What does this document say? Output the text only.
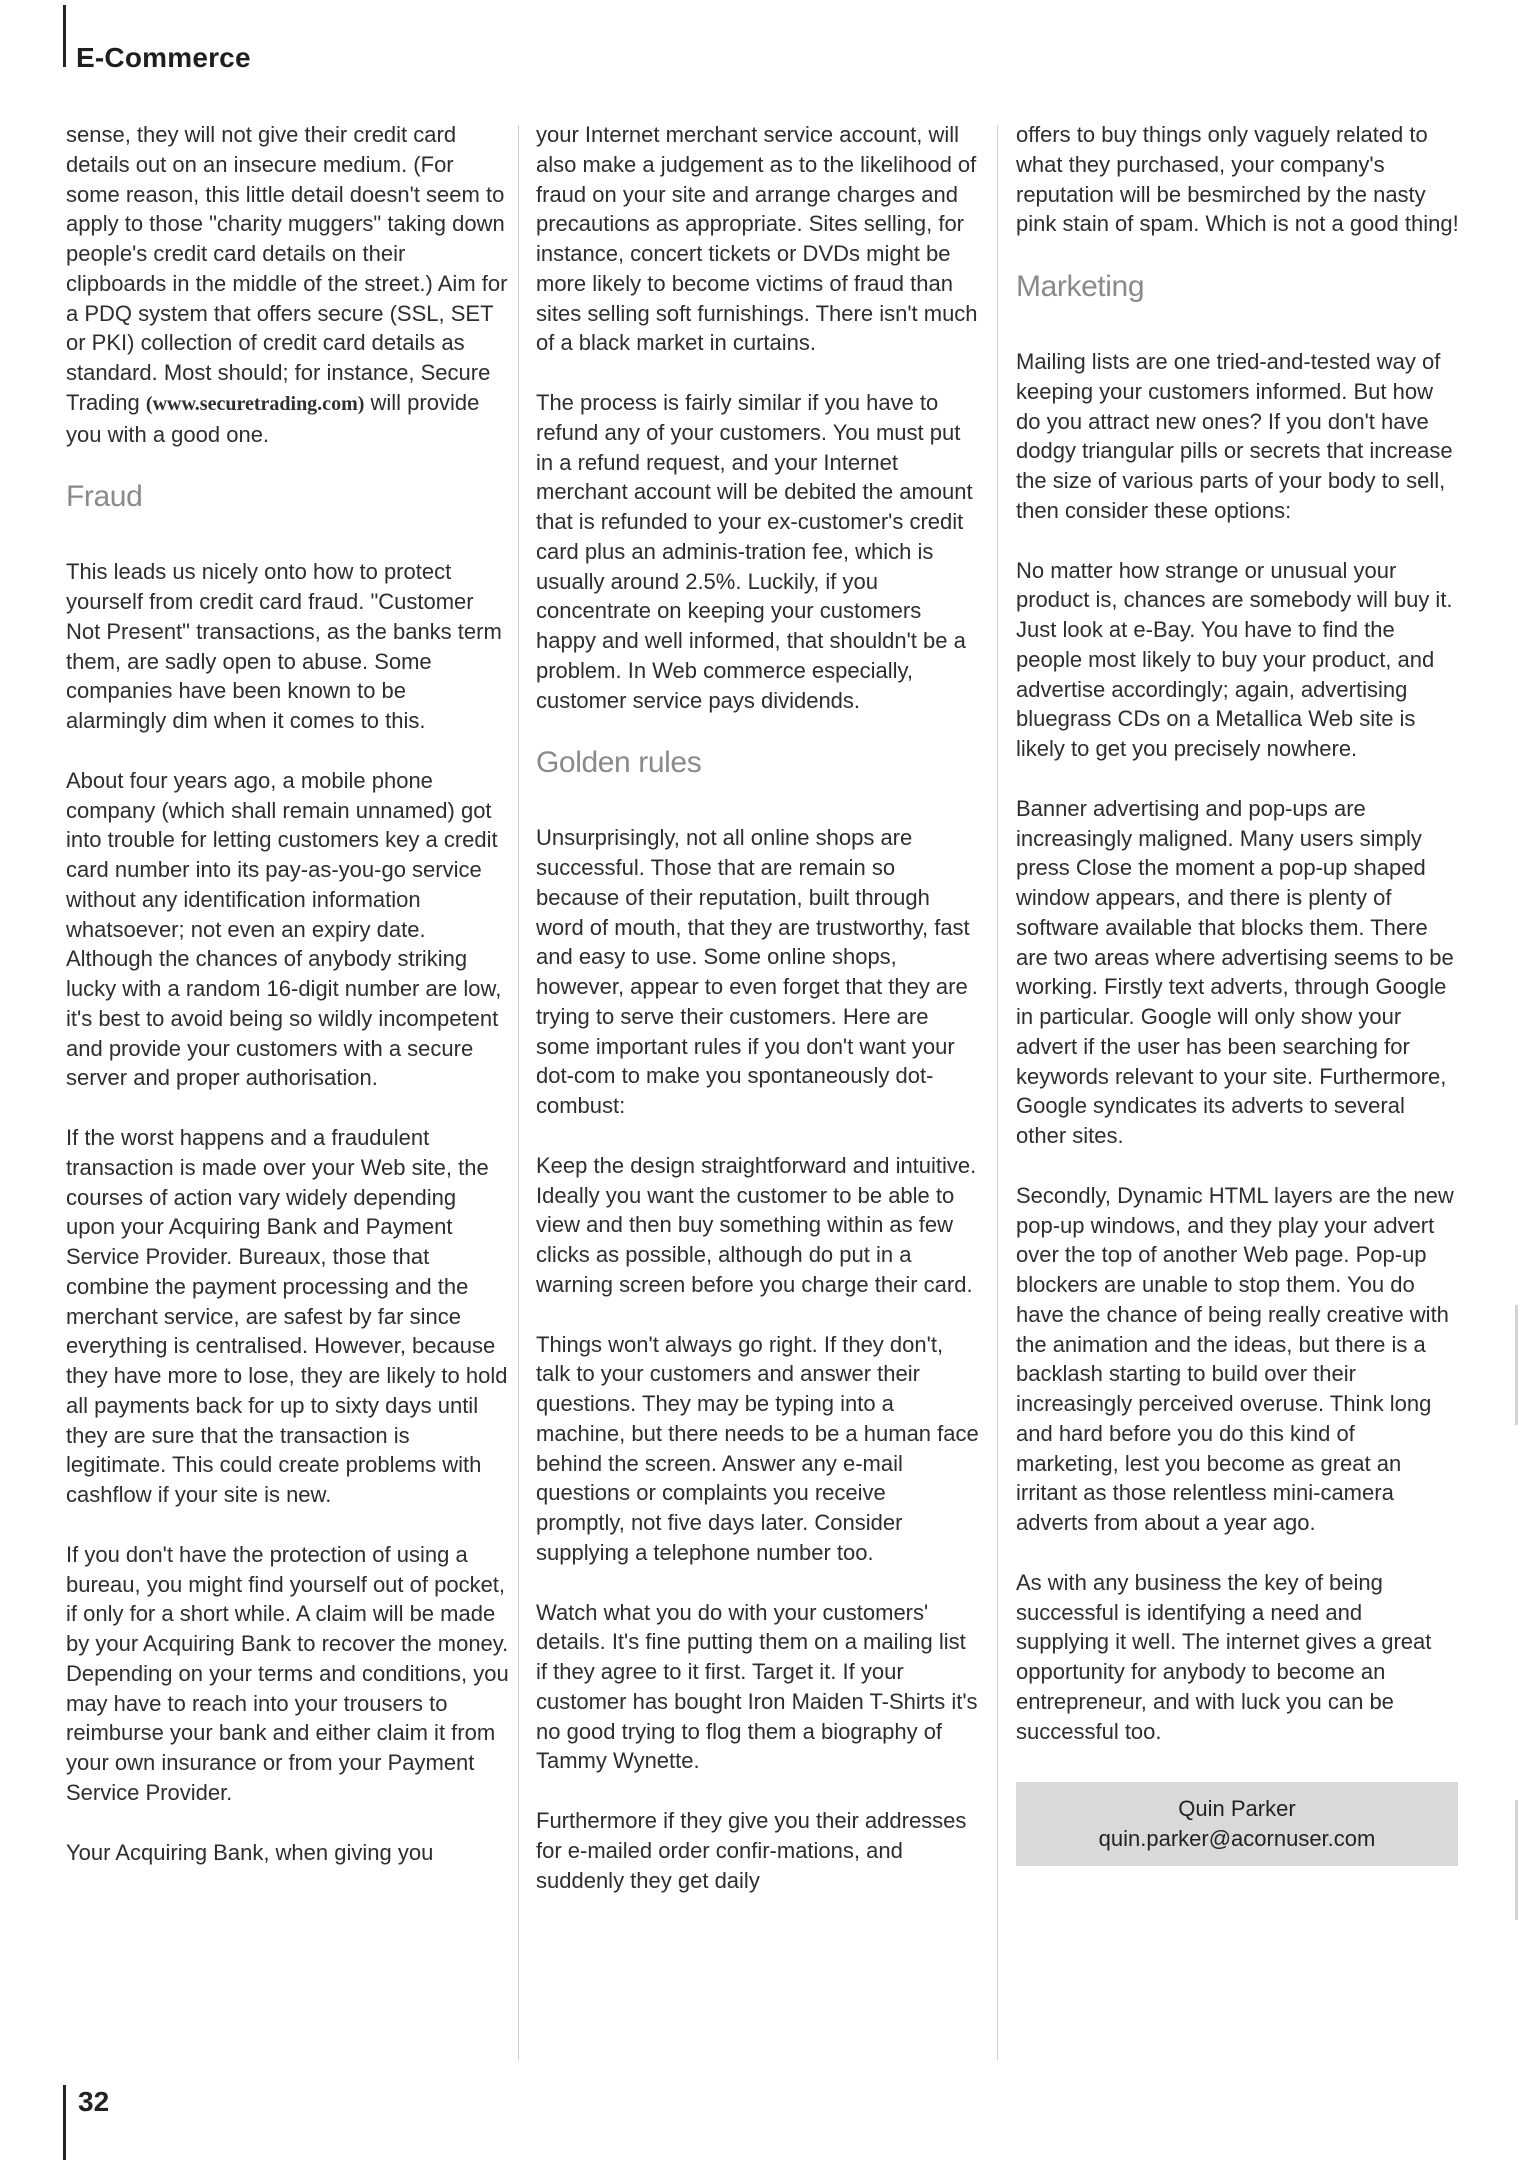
E-Commerce

sense, they will not give their credit card details out on an insecure medium. (For some reason, this little detail doesn't seem to apply to those "charity muggers" taking down people's credit card details on their clipboards in the middle of the street.) Aim for a PDQ system that offers secure (SSL, SET or PKI) collection of credit card details as standard. Most should; for instance, Secure Trading (www.securetrading.com) will provide you with a good one.

Fraud

This leads us nicely onto how to protect yourself from credit card fraud. "Customer Not Present" transactions, as the banks term them, are sadly open to abuse. Some companies have been known to be alarmingly dim when it comes to this.

About four years ago, a mobile phone company (which shall remain unnamed) got into trouble for letting customers key a credit card number into its pay-as-you-go service without any identification information whatsoever; not even an expiry date. Although the chances of anybody striking lucky with a random 16-digit number are low, it's best to avoid being so wildly incompetent and provide your customers with a secure server and proper authorisation.

If the worst happens and a fraudulent transaction is made over your Web site, the courses of action vary widely depending upon your Acquiring Bank and Payment Service Provider. Bureaux, those that combine the payment processing and the merchant service, are safest by far since everything is centralised. However, because they have more to lose, they are likely to hold all payments back for up to sixty days until they are sure that the transaction is legitimate. This could create problems with cashflow if your site is new.

If you don't have the protection of using a bureau, you might find yourself out of pocket, if only for a short while. A claim will be made by your Acquiring Bank to recover the money. Depending on your terms and conditions, you may have to reach into your trousers to reimburse your bank and either claim it from your own insurance or from your Payment Service Provider.

Your Acquiring Bank, when giving you

your Internet merchant service account, will also make a judgement as to the likelihood of fraud on your site and arrange charges and precautions as appropriate. Sites selling, for instance, concert tickets or DVDs might be more likely to become victims of fraud than sites selling soft furnishings. There isn't much of a black market in curtains.

The process is fairly similar if you have to refund any of your customers. You must put in a refund request, and your Internet merchant account will be debited the amount that is refunded to your ex-customer's credit card plus an adminis-tration fee, which is usually around 2.5%. Luckily, if you concentrate on keeping your customers happy and well informed, that shouldn't be a problem. In Web commerce especially, customer service pays dividends.

Golden rules

Unsurprisingly, not all online shops are successful. Those that are remain so because of their reputation, built through word of mouth, that they are trustworthy, fast and easy to use. Some online shops, however, appear to even forget that they are trying to serve their customers. Here are some important rules if you don't want your dot-com to make you spontaneously dot-combust:

Keep the design straightforward and intuitive. Ideally you want the customer to be able to view and then buy something within as few clicks as possible, although do put in a warning screen before you charge their card.

Things won't always go right. If they don't, talk to your customers and answer their questions. They may be typing into a machine, but there needs to be a human face behind the screen. Answer any e-mail questions or complaints you receive promptly, not five days later. Consider supplying a telephone number too.

Watch what you do with your customers' details. It's fine putting them on a mailing list if they agree to it first. Target it. If your customer has bought Iron Maiden T-Shirts it's no good trying to flog them a biography of Tammy Wynette.

Furthermore if they give you their addresses for e-mailed order confir-mations, and suddenly they get daily

offers to buy things only vaguely related to what they purchased, your company's reputation will be besmirched by the nasty pink stain of spam. Which is not a good thing!

Marketing

Mailing lists are one tried-and-tested way of keeping your customers informed. But how do you attract new ones? If you don't have dodgy triangular pills or secrets that increase the size of various parts of your body to sell, then consider these options:

No matter how strange or unusual your product is, chances are somebody will buy it. Just look at e-Bay. You have to find the people most likely to buy your product, and advertise accordingly; again, advertising bluegrass CDs on a Metallica Web site is likely to get you precisely nowhere.

Banner advertising and pop-ups are increasingly maligned. Many users simply press Close the moment a pop-up shaped window appears, and there is plenty of software available that blocks them. There are two areas where advertising seems to be working. Firstly text adverts, through Google in particular. Google will only show your advert if the user has been searching for keywords relevant to your site. Furthermore, Google syndicates its adverts to several other sites.

Secondly, Dynamic HTML layers are the new pop-up windows, and they play your advert over the top of another Web page. Pop-up blockers are unable to stop them. You do have the chance of being really creative with the animation and the ideas, but there is a backlash starting to build over their increasingly perceived overuse. Think long and hard before you do this kind of marketing, lest you become as great an irritant as those relentless mini-camera adverts from about a year ago.

As with any business the key of being successful is identifying a need and supplying it well. The internet gives a great opportunity for anybody to become an entrepreneur, and with luck you can be successful too.

Quin Parker
quin.parker@acornuser.com
32
